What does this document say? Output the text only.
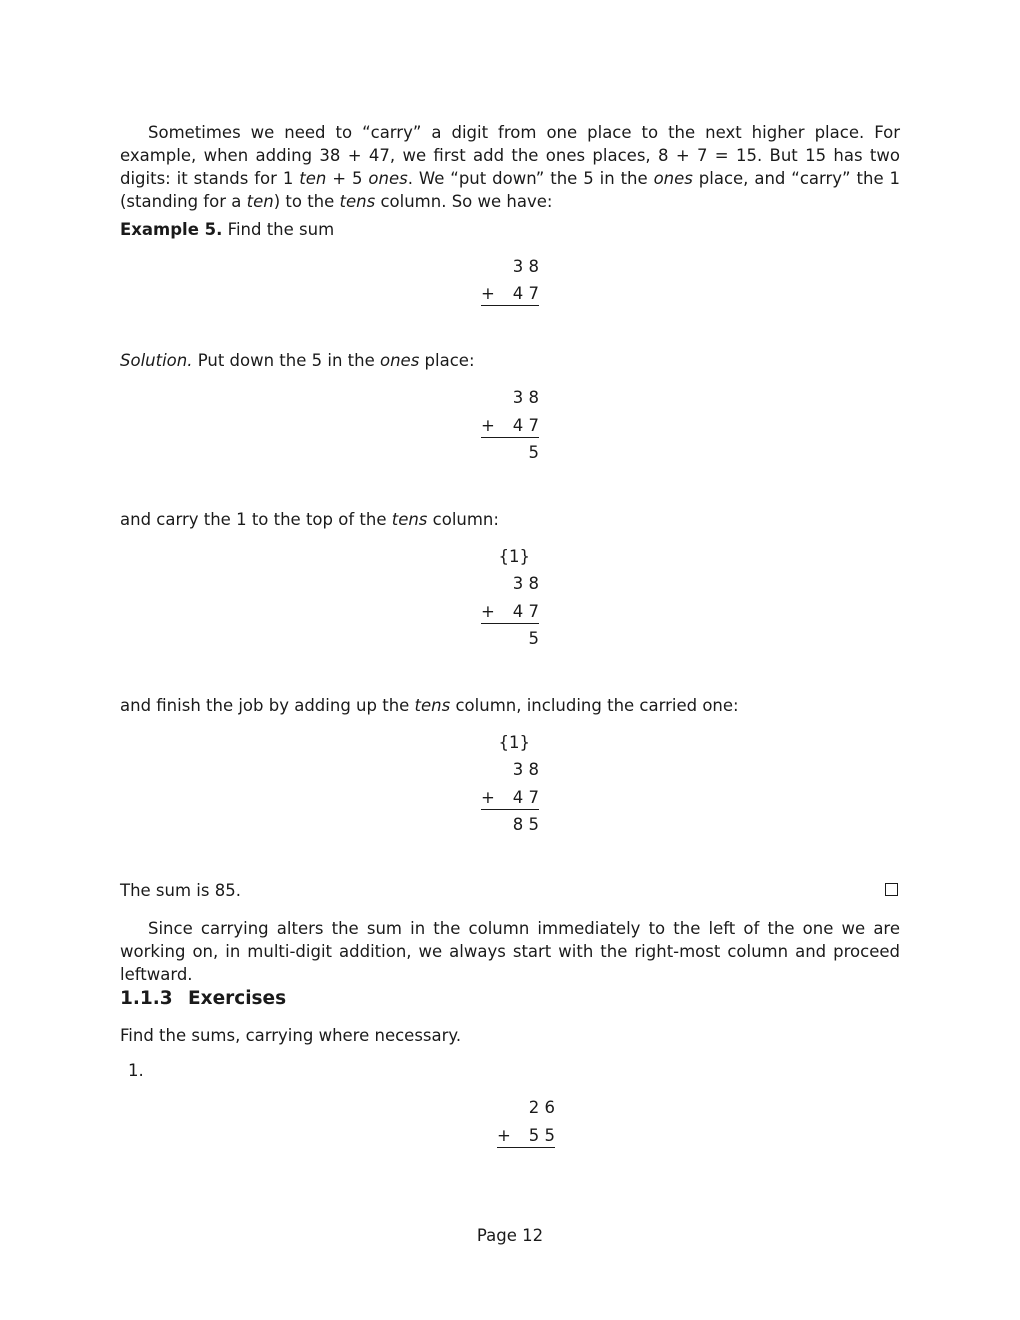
Sometimes we need to “carry” a digit from one place to the next higher place. For example, when adding 38 + 47, we first add the ones places, 8 + 7 = 15. But 15 has two digits: it stands for 1 ten + 5 ones. We “put down” the 5 in the ones place, and “carry” the 1 (standing for a ten) to the tens column. So we have:
Example 5. Find the sum
3 8
+ 4 7
Solution. Put down the 5 in the ones place:
3 8
+ 4 7
5
and carry the 1 to the top of the tens column:
{1}
3 8
+ 4 7
5
and finish the job by adding up the tens column, including the carried one:
{1}
3 8
+ 4 7
8 5
The sum is 85.
Since carrying alters the sum in the column immediately to the left of the one we are working on, in multi-digit addition, we always start with the right-most column and proceed leftward.
1.1.3 Exercises
Find the sums, carrying where necessary.
1.
2 6
+ 5 5
Page 12
